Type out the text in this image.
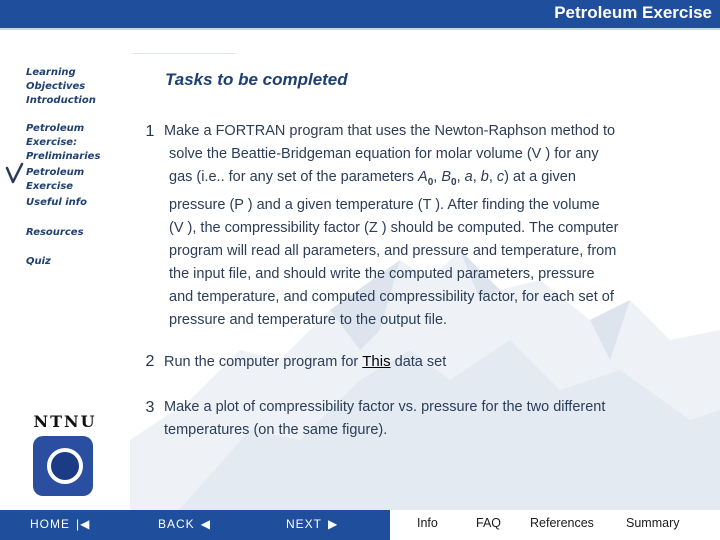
Petroleum Exercise
Learning Objectives
Introduction
Petroleum Exercise: Preliminaries
Petroleum Exercise
Useful info
Resources
Quiz
NTNU
Tasks to be completed
1 Make a FORTRAN program that uses the Newton-Raphson method to

solve the Beattie-Bridgeman equation for molar volume (V ) for any
gas (i.e.. for any set of the parameters $A_0$, $B_0$, a, b, c) at a given
pressure (P ) and a given temperature (T ). After finding the volume
(V ), the compressibility factor (Z ) should be computed. The computer
program will read all parameters, and pressure and temperature, from
the input file, and should write the computed parameters, pressure
and temperature, and computed compressibility factor, for each set of
pressure and temperature to the output file.
2 Run the computer program for This data set
3 Make a plot of compressibility factor vs. pressure for the two different

temperatures (on the same figure).
HOME |◀	BACK ◀	NEXT ▶	Info	FAQ References	Summary
